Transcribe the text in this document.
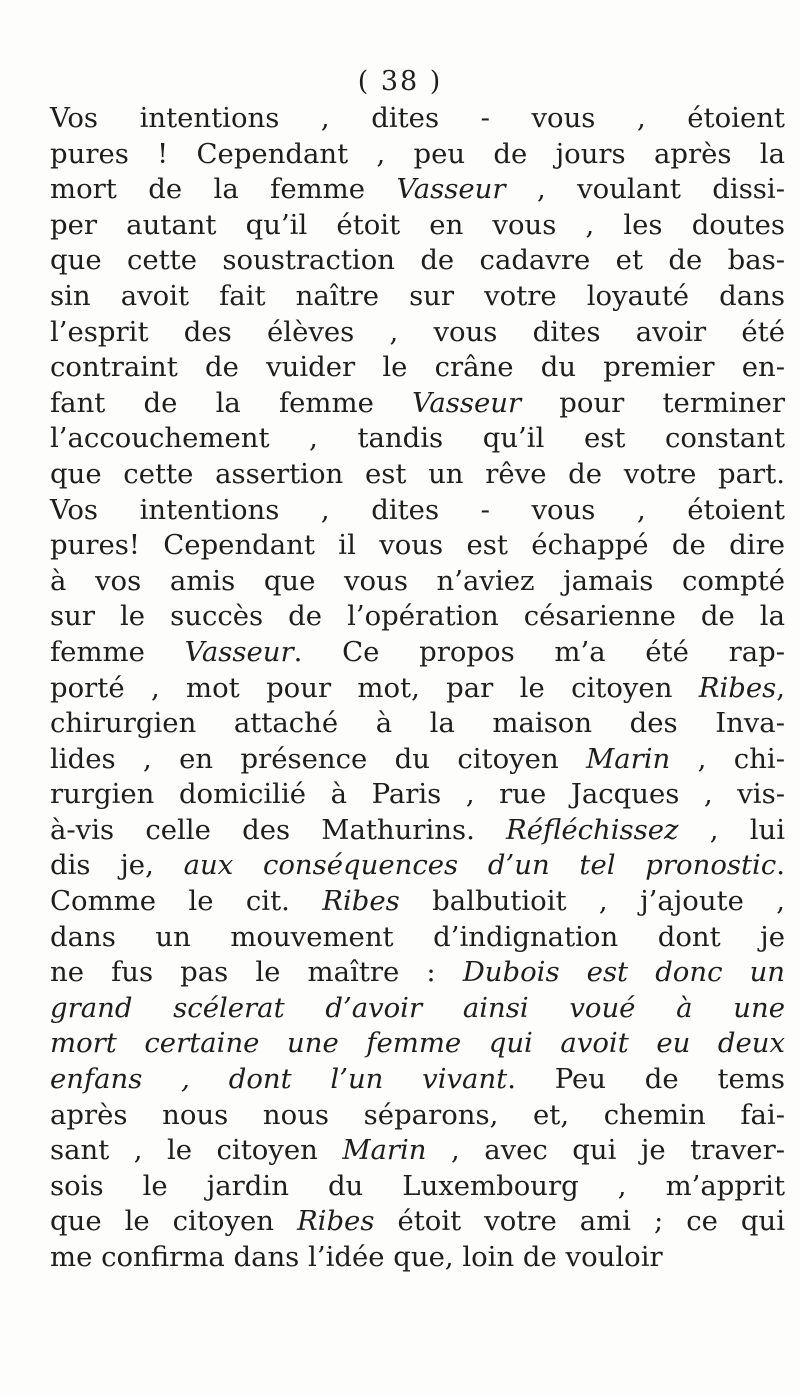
( 38 )
Vos intentions , dites - vous , étoient
pures ! Cependant , peu de jours après la
mort de la femme Vasseur , voulant dissi-
per autant qu’il étoit en vous , les doutes
que cette soustraction de cadavre et de bas-
sin avoit fait naître sur votre loyauté dans
l’esprit des élèves , vous dites avoir été
contraint de vuider le crâne du premier en-
fant de la femme Vasseur pour terminer
l’accouchement , tandis qu’il est constant
que cette assertion est un rêve de votre part.
Vos intentions , dites - vous , étoient
pures! Cependant il vous est échappé de dire
à vos amis que vous n’aviez jamais compté
sur le succès de l’opération césarienne de la
femme Vasseur. Ce propos m’a été rap-
porté , mot pour mot, par le citoyen Ribes,
chirurgien attaché à la maison des Inva-
lides , en présence du citoyen Marin , chi-
rurgien domicilié à Paris , rue Jacques , vis-
à-vis celle des Mathurins. Réfléchissez , lui
dis je, aux conséquences d’un tel pronostic.
Comme le cit. Ribes balbutioit , j’ajoute ,
dans un mouvement d’indignation dont je
ne fus pas le maître : Dubois est donc un
grand scélerat d’avoir ainsi voué à une
mort certaine une femme qui avoit eu deux
enfans , dont l’un vivant. Peu de tems
après nous nous séparons, et, chemin fai-
sant , le citoyen Marin , avec qui je traver-
sois le jardin du Luxembourg , m’apprit
que le citoyen Ribes étoit votre ami ; ce qui
me confirma dans l’idée que, loin de vouloir
